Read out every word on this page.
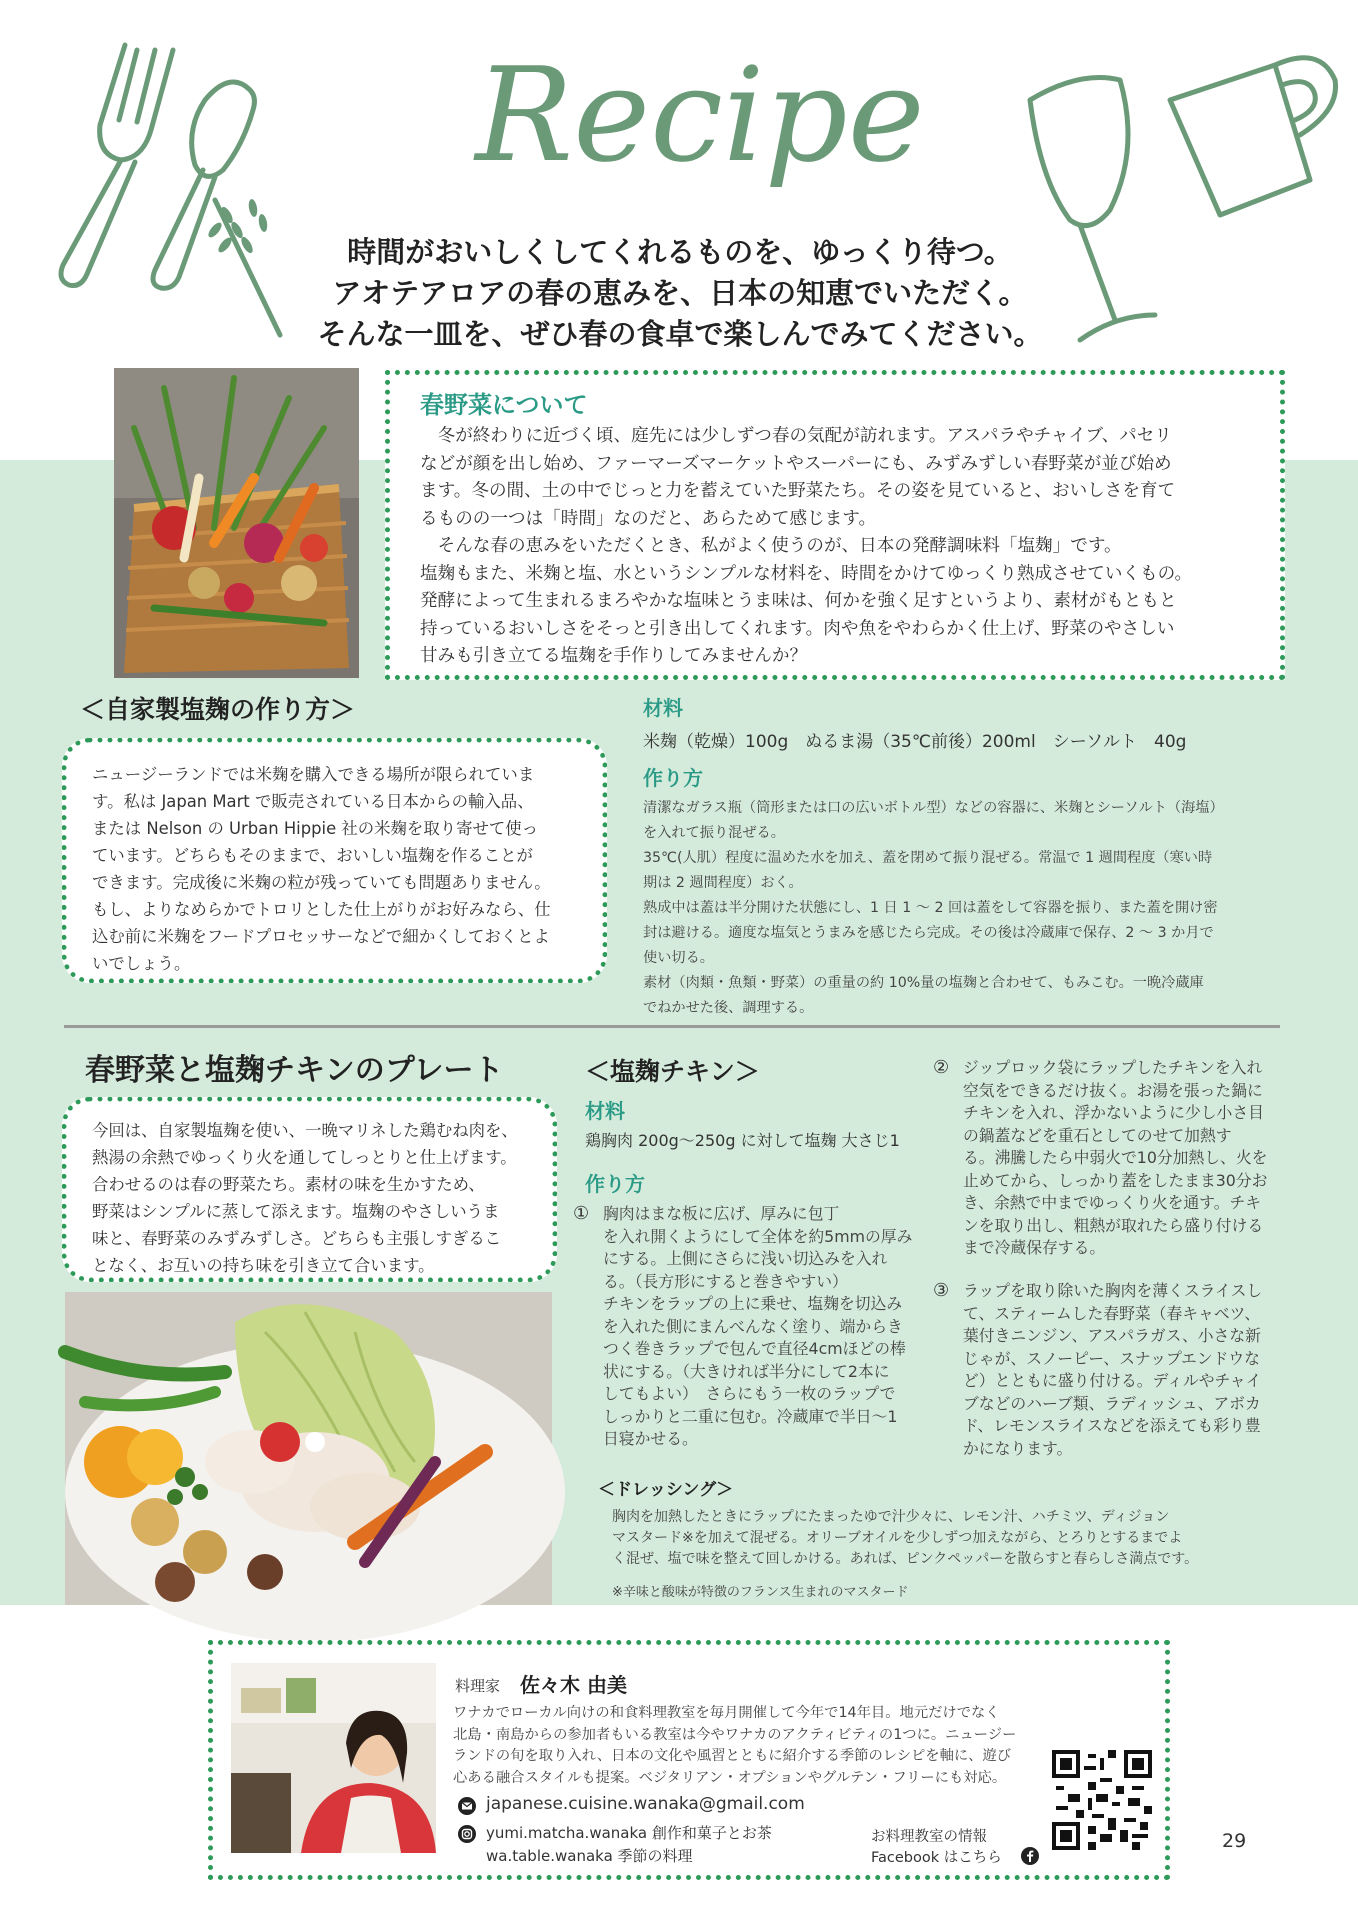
Recipe
時間がおいしくしてくれるものを、ゆっくり待つ。
アオテアロアの春の恵みを、日本の知恵でいただく。
そんな一皿を、ぜひ春の食卓で楽しんでみてください。
春野菜について
　冬が終わりに近づく頃、庭先には少しずつ春の気配が訪れます。アスパラやチャイブ、パセリ
などが顔を出し始め、ファーマーズマーケットやスーパーにも、みずみずしい春野菜が並び始め
ます。冬の間、土の中でじっと力を蓄えていた野菜たち。その姿を見ていると、おいしさを育て
るものの一つは「時間」なのだと、あらためて感じます。
　そんな春の恵みをいただくとき、私がよく使うのが、日本の発酵調味料「塩麹」です。
塩麹もまた、米麹と塩、水というシンプルな材料を、時間をかけてゆっくり熟成させていくもの。
発酵によって生まれるまろやかな塩味とうま味は、何かを強く足すというより、素材がもともと
持っているおいしさをそっと引き出してくれます。肉や魚をやわらかく仕上げ、野菜のやさしい
甘みも引き立てる塩麹を手作りしてみませんか？
＜自家製塩麹の作り方＞
ニュージーランドでは米麹を購入できる場所が限られていま
す。私は Japan Mart で販売されている日本からの輸入品、
または Nelson の Urban Hippie 社の米麹を取り寄せて使っ
ています。どちらもそのままで、おいしい塩麹を作ることが
できます。完成後に米麹の粒が残っていても問題ありません。
もし、よりなめらかでトロリとした仕上がりがお好みなら、仕
込む前に米麹をフードプロセッサーなどで細かくしておくとよ
いでしょう。
材料
米麹（乾燥）100g　ぬるま湯（35℃前後）200ml　シーソルト　40g
作り方
清潔なガラス瓶（筒形または口の広いボトル型）などの容器に、米麹とシーソルト（海塩）
を入れて振り混ぜる。
35℃(人肌）程度に温めた水を加え、蓋を閉めて振り混ぜる。常温で 1 週間程度（寒い時
期は 2 週間程度）おく。
熟成中は蓋は半分開けた状態にし、1 日 1 〜 2 回は蓋をして容器を振り、また蓋を開け密
封は避ける。適度な塩気とうまみを感じたら完成。その後は冷蔵庫で保存、2 〜 3 か月で
使い切る。
素材（肉類・魚類・野菜）の重量の約 10%量の塩麹と合わせて、もみこむ。一晩冷蔵庫
でねかせた後、調理する。
春野菜と塩麹チキンのプレート
今回は、自家製塩麹を使い、一晩マリネした鶏むね肉を、
熱湯の余熱でゆっくり火を通してしっとりと仕上げます。
合わせるのは春の野菜たち。素材の味を生かすため、
野菜はシンプルに蒸して添えます。塩麹のやさしいうま
味と、春野菜のみずみずしさ。どちらも主張しすぎるこ
となく、お互いの持ち味を引き立て合います。
＜塩麹チキン＞
材料
鶏胸肉 200g〜250g に対して塩麹 大さじ1
作り方
① 胸肉はまな板に広げ、厚みに包丁
を入れ開くようにして全体を約5mmの厚み
にする。上側にさらに浅い切込みを入れ
る。（長方形にすると巻きやすい）
チキンをラップの上に乗せ、塩麹を切込み
を入れた側にまんべんなく塗り、端からき
つく巻きラップで包んで直径4cmほどの棒
状にする。（大きければ半分にして2本に
してもよい）　さらにもう一枚のラップで
しっかりと二重に包む。冷蔵庫で半日〜1
日寝かせる。
② ジップロック袋にラップしたチキンを入れ
空気をできるだけ抜く。お湯を張った鍋に
チキンを入れ、浮かないように少し小さ目
の鍋蓋などを重石としてのせて加熱す
る。沸騰したら中弱火で10分加熱し、火を
止めてから、しっかり蓋をしたまま30分お
き、余熱で中までゆっくり火を通す。チキ
ンを取り出し、粗熱が取れたら盛り付ける
まで冷蔵保存する。
③ ラップを取り除いた胸肉を薄くスライスし
て、スティームした春野菜（春キャベツ、
葉付きニンジン、アスパラガス、小さな新
じゃが、スノーピー、スナップエンドウな
ど）とともに盛り付ける。ディルやチャイ
ブなどのハーブ類、ラディッシュ、アボカ
ド、レモンスライスなどを添えても彩り豊
かになります。
＜ドレッシング＞
胸肉を加熱したときにラップにたまったゆで汁少々に、レモン汁、ハチミツ、ディジョン
マスタード※を加えて混ぜる。オリーブオイルを少しずつ加えながら、とろりとするまでよ
く混ぜ、塩で味を整えて回しかける。あれば、ピンクペッパーを散らすと春らしさ満点です。
※辛味と酸味が特徴のフランス生まれのマスタード
料理家 佐々木 由美
ワナカでローカル向けの和食料理教室を毎月開催して今年で14年目。地元だけでなく
北島・南島からの参加者もいる教室は今やワナカのアクティビティの1つに。ニュージー
ランドの旬を取り入れ、日本の文化や風習とともに紹介する季節のレシピを軸に、遊び
心ある融合スタイルも提案。ベジタリアン・オプションやグルテン・フリーにも対応。
japanese.cuisine.wanaka@gmail.com
yumi.matcha.wanaka 創作和菓子とお茶
wa.table.wanaka 季節の料理
お料理教室の情報
Facebook はこちら
29
